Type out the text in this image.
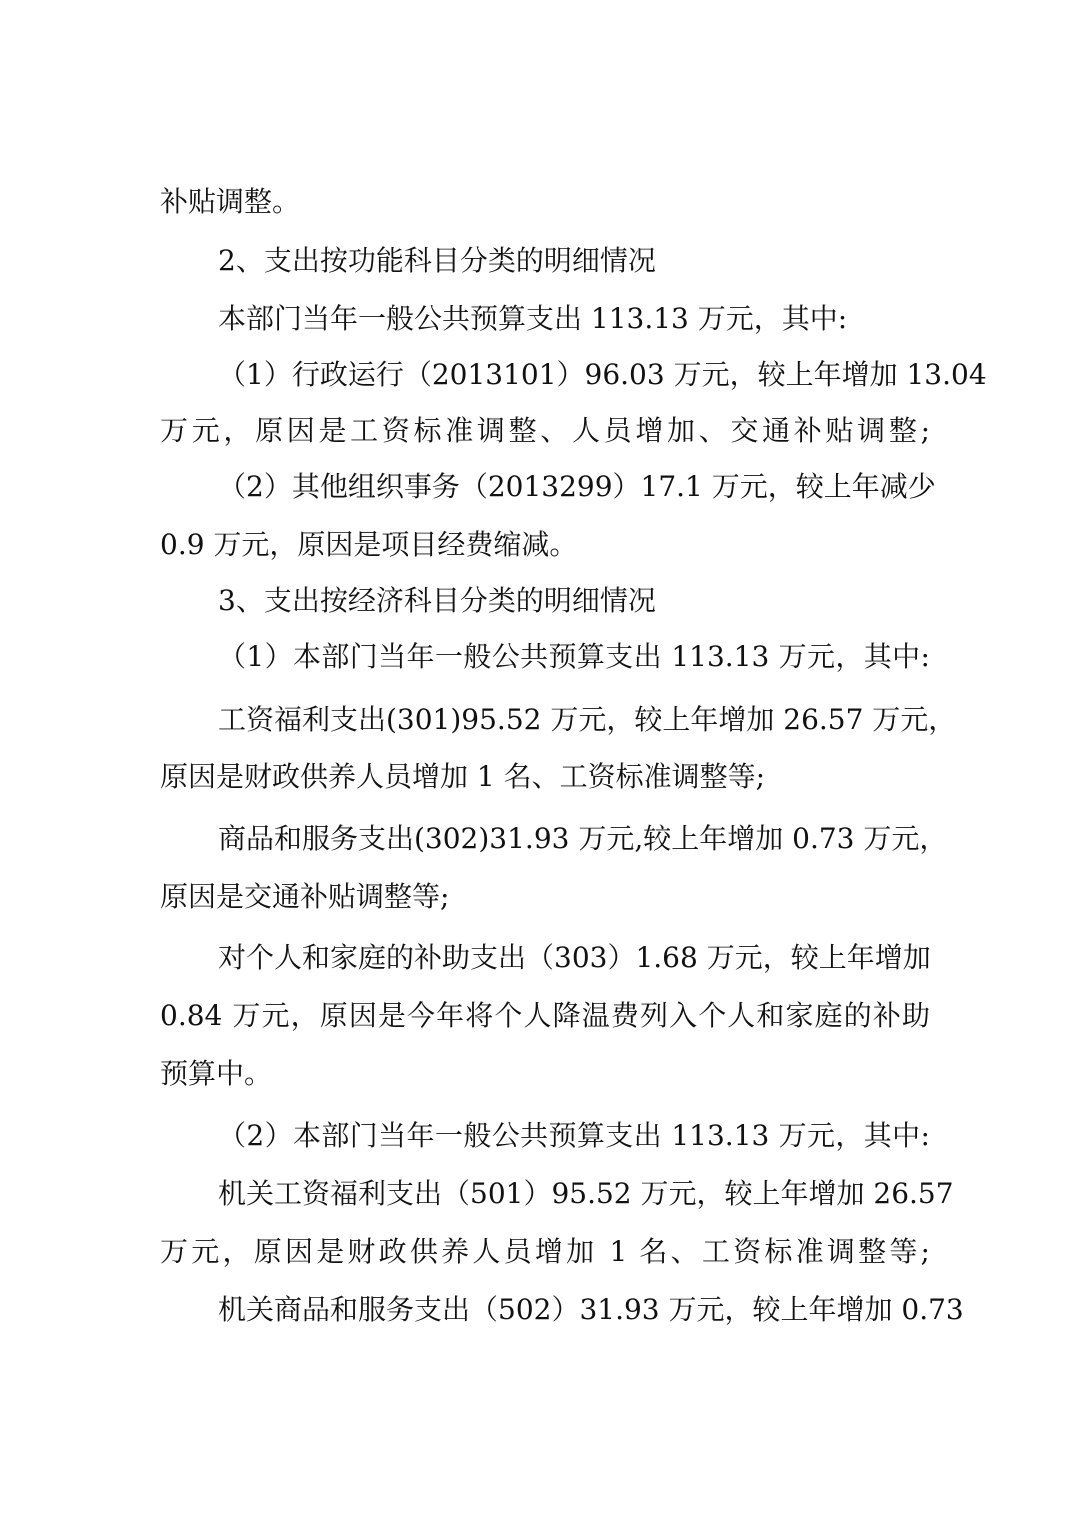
补贴调整。
2、支出按功能科目分类的明细情况
本部门当年一般公共预算支出 113.13 万元，其中:
（1）行政运行（2013101）96.03 万元，较上年增加 13.04
万元，原因是工资标准调整、人员增加、交通补贴调整;
（2）其他组织事务（2013299）17.1 万元，较上年减少
0.9 万元，原因是项目经费缩减。
3、支出按经济科目分类的明细情况
（1）本部门当年一般公共预算支出 113.13 万元，其中:
工资福利支出(301)95.52 万元，较上年增加 26.57 万元，
原因是财政供养人员增加 1 名、工资标准调整等;
商品和服务支出(302)31.93 万元,较上年增加 0.73 万元，
原因是交通补贴调整等;
对个人和家庭的补助支出（303）1.68 万元，较上年增加
0.84 万元，原因是今年将个人降温费列入个人和家庭的补助
预算中。
（2）本部门当年一般公共预算支出 113.13 万元，其中:
机关工资福利支出（501）95.52 万元，较上年增加 26.57
万元，原因是财政供养人员增加 1 名、工资标准调整等;
机关商品和服务支出（502）31.93 万元，较上年增加 0.73
